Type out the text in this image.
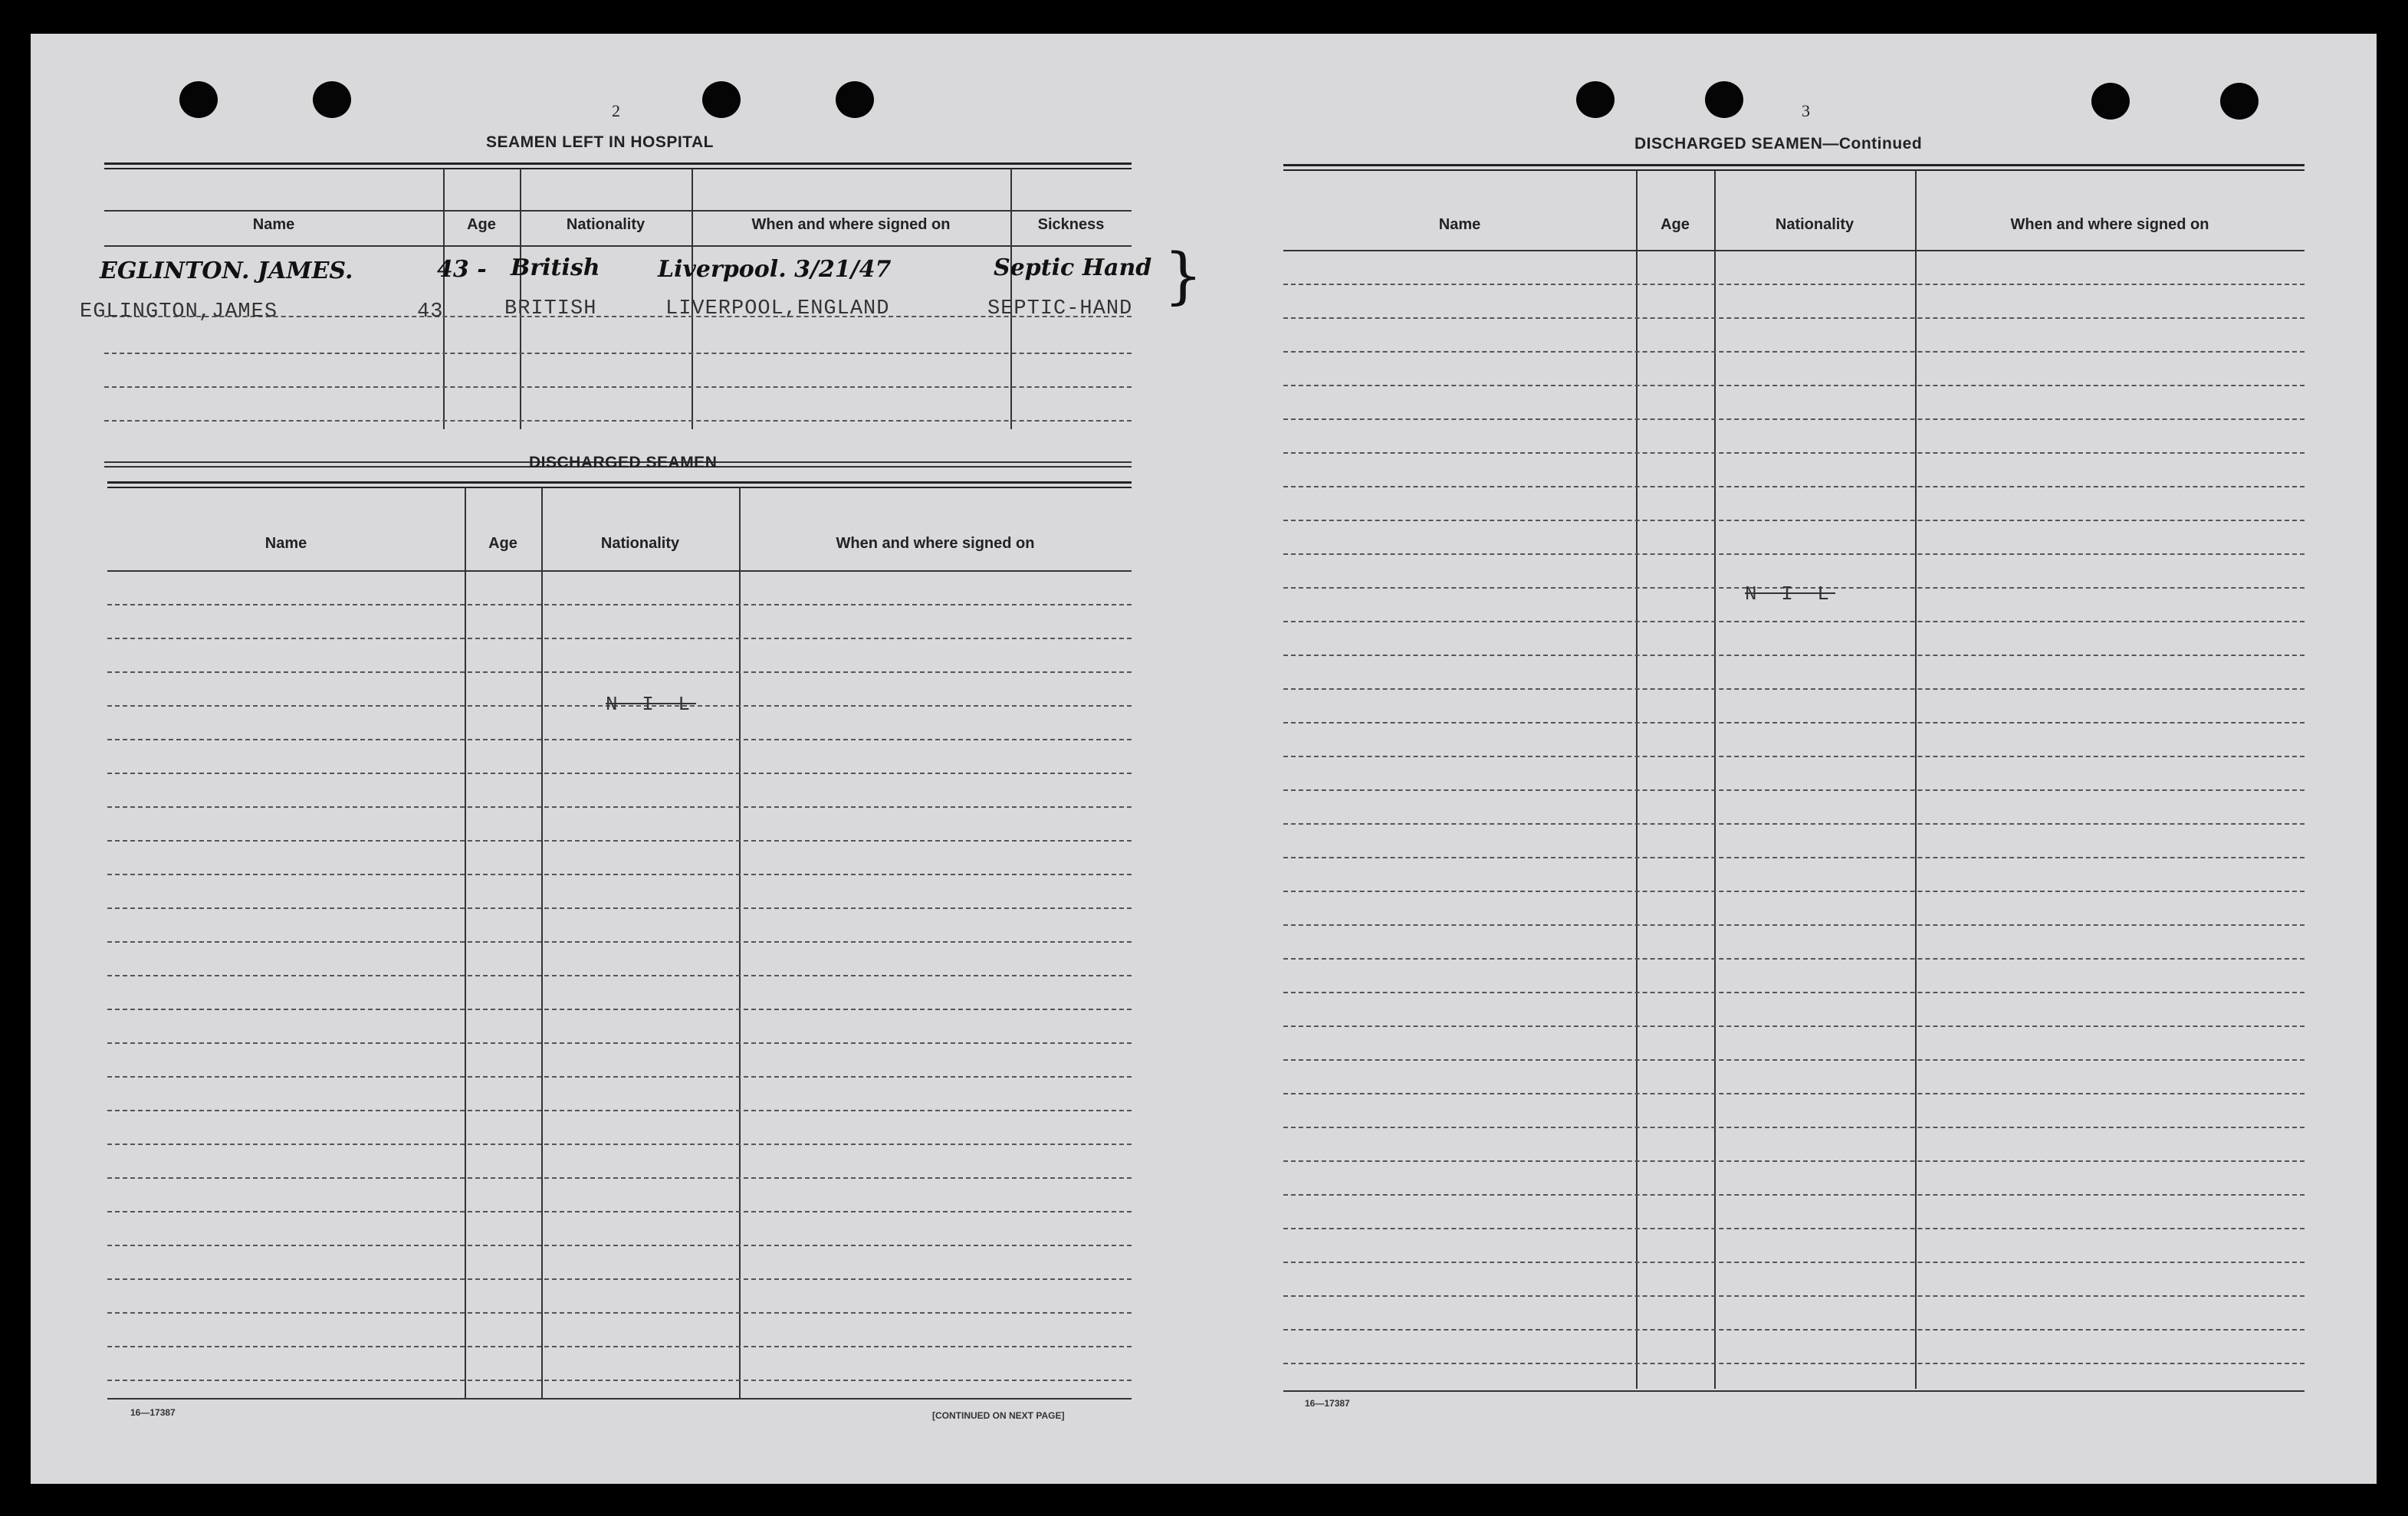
2
SEAMEN LEFT IN HOSPITAL
Name	Age	Nationality	When and where signed on	Sickness
EGLINTON. JAMES.	43 - British	Liverpool. 3/21/47	Septic Hand }
EGLINGTON,JAMES	43	BRITISH	LIVERPOOL,ENGLAND	SEPTIC-HAND
DISCHARGED SEAMEN
Name	Age	Nationality	When and where signed on
N I L
16—17387	[CONTINUED ON NEXT PAGE]
3
DISCHARGED SEAMEN—Continued
Name	Age	Nationality	When and where signed on
N I L
16—17387
